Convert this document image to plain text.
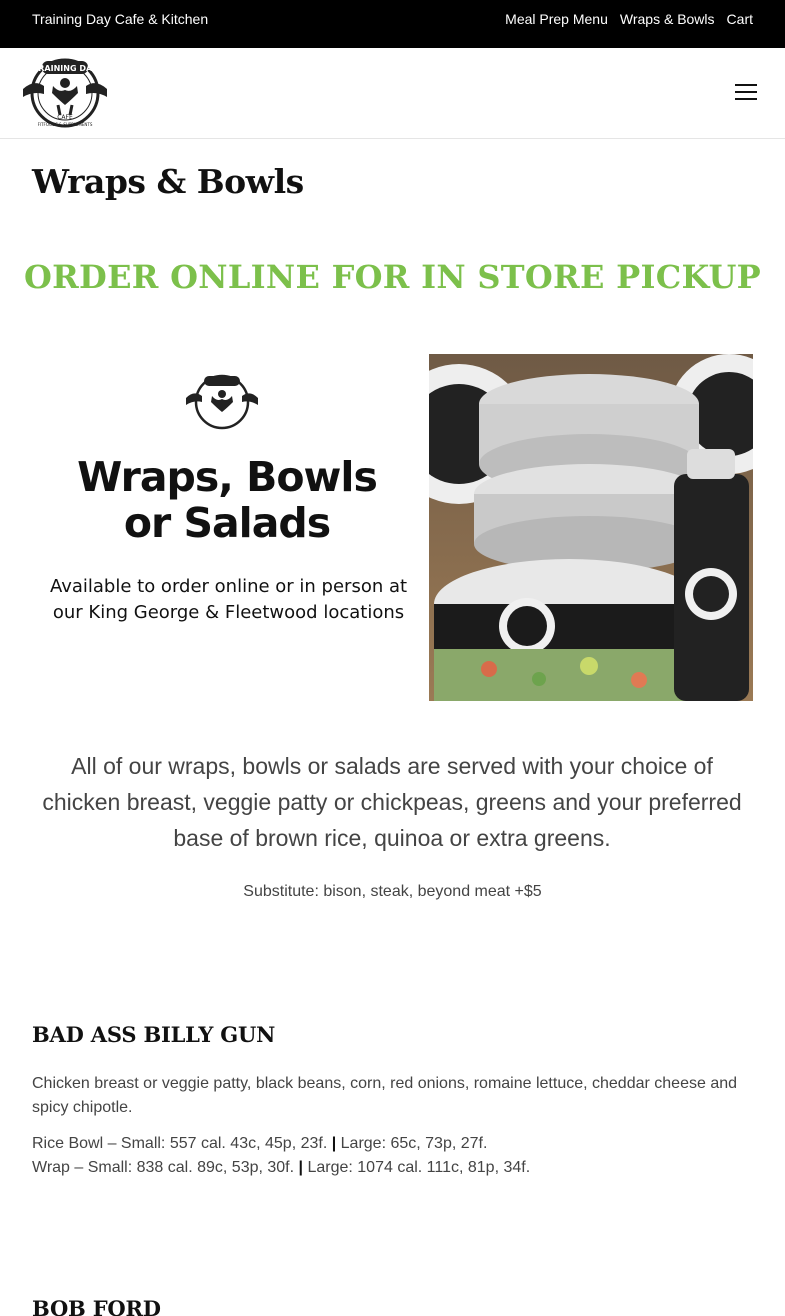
Training Day Cafe & Kitchen	Meal Prep Menu Wraps & Bowls Cart
TRAINING DAY
CAFE
FITFOODS & SUPPLEMENTS
Wraps & Bowls
ORDER ONLINE FOR IN STORE PICKUP
Wraps, Bowls
or Salads
Available to order online or in person at our King George & Fleetwood locations

All of our wraps, bowls or salads are served with your choice of chicken breast, veggie patty or chickpeas, greens and your preferred base of brown rice, quinoa or extra greens.

Substitute: bison, steak, beyond meat +$5

BAD ASS BILLY GUN

Chicken breast or veggie patty, black beans, corn, red onions, romaine lettuce, cheddar cheese and spicy chipotle.

Rice Bowl – Small: 557 cal. 43c, 45p, 23f. | Large: 65c, 73p, 27f.
Wrap – Small: 838 cal. 89c, 53p, 30f. | Large: 1074 cal. 111c, 81p, 34f.
BOB FORD
